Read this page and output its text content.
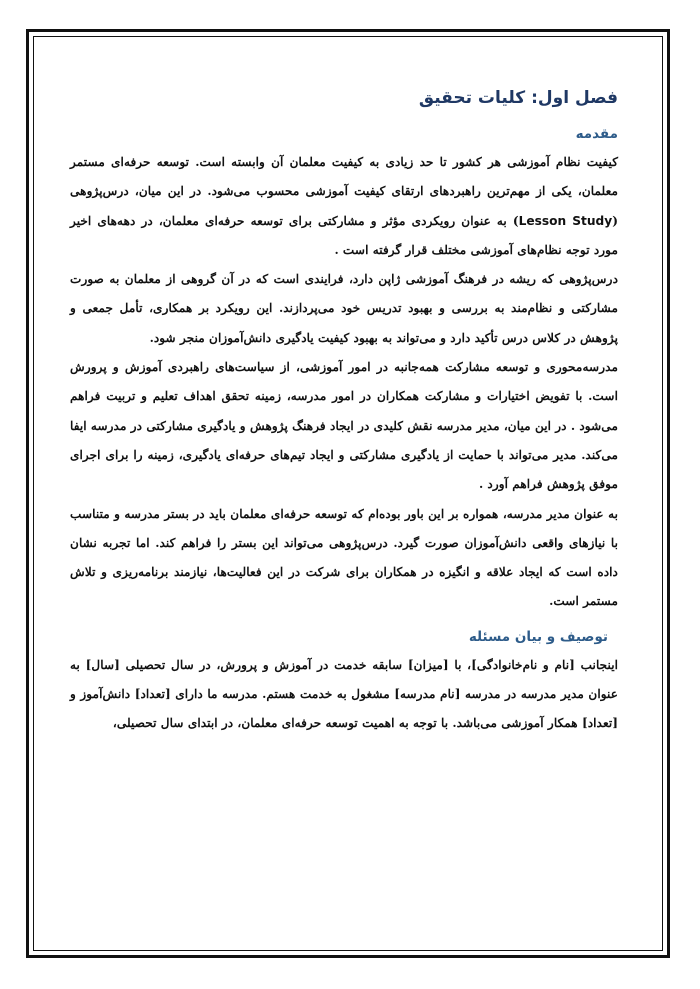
فصل اول: کلیات تحقیق
مقدمه

کیفیت نظام آموزشی هر کشور تا حد زیادی به کیفیت معلمان آن وابسته است. توسعه حرفه‌ای مستمر معلمان، یکی از مهم‌ترین راهبردهای ارتقای کیفیت آموزشی محسوب می‌شود. در این میان، درس‌پژوهی (Lesson Study) به عنوان رویکردی مؤثر و مشارکتی برای توسعه حرفه‌ای معلمان، در دهه‌های اخیر مورد توجه نظام‌های آموزشی مختلف قرار گرفته است .

درس‌پژوهی که ریشه در فرهنگ آموزشی ژاپن دارد، فرایندی است که در آن گروهی از معلمان به صورت مشارکتی و نظام‌مند به بررسی و بهبود تدریس خود می‌پردازند. این رویکرد بر همکاری، تأمل جمعی و پژوهش در کلاس درس تأکید دارد و می‌تواند به بهبود کیفیت یادگیری دانش‌آموزان منجر شود.

مدرسه‌محوری و توسعه مشارکت همه‌جانبه در امور آموزشی، از سیاست‌های راهبردی آموزش و پرورش است. با تفویض اختیارات و مشارکت همکاران در امور مدرسه، زمینه تحقق اهداف تعلیم و تربیت فراهم می‌شود . در این میان، مدیر مدرسه نقش کلیدی در ایجاد فرهنگ پژوهش و یادگیری مشارکتی در مدرسه ایفا می‌کند. مدیر می‌تواند با حمایت از یادگیری مشارکتی و ایجاد تیم‌های حرفه‌ای یادگیری، زمینه را برای اجرای موفق پژوهش فراهم آورد .

به عنوان مدیر مدرسه، همواره بر این باور بوده‌ام که توسعه حرفه‌ای معلمان باید در بستر مدرسه و متناسب با نیازهای واقعی دانش‌آموزان صورت گیرد. درس‌پژوهی می‌تواند این بستر را فراهم کند. اما تجربه نشان داده است که ایجاد علاقه و انگیزه در همکاران برای شرکت در این فعالیت‌ها، نیازمند برنامه‌ریزی و تلاش مستمر است.

توصیف و بیان مسئله

اینجانب [نام و نام‌خانوادگی]، با [میزان] سابقه خدمت در آموزش و پرورش، در سال تحصیلی [سال] به عنوان مدیر مدرسه در مدرسه [نام مدرسه] مشغول به خدمت هستم. مدرسه ما دارای [تعداد] دانش‌آموز و [تعداد] همکار آموزشی می‌باشد. با توجه به اهمیت توسعه حرفه‌ای معلمان، در ابتدای سال تحصیلی،
